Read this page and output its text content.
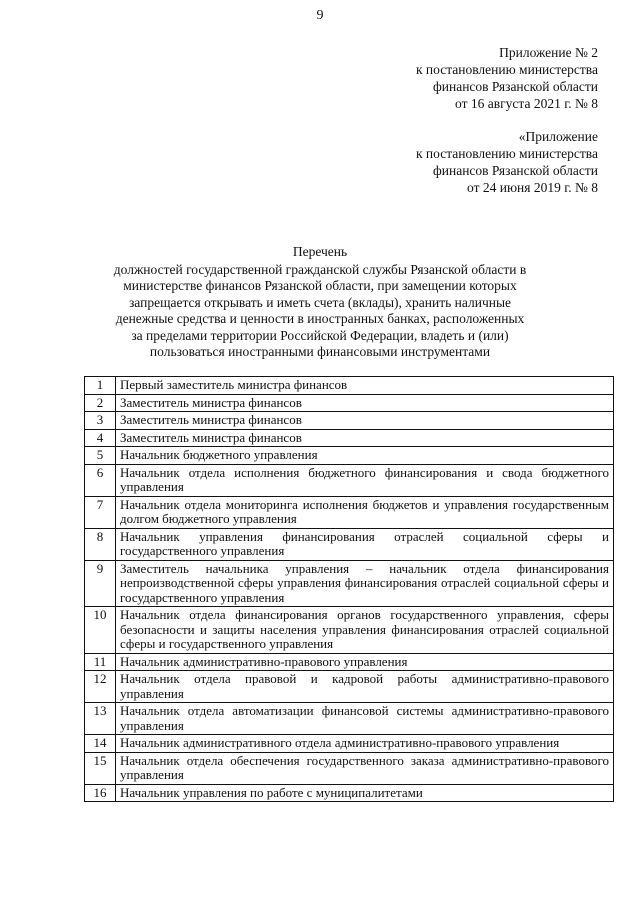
9
Приложение № 2
к постановлению министерства
финансов Рязанской области
от 16 августа 2021 г. № 8
«Приложение
к постановлению министерства
финансов Рязанской области
от 24 июня 2019 г. № 8
Перечень
должностей государственной гражданской службы Рязанской области в министерстве финансов Рязанской области, при замещении которых запрещается открывать и иметь счета (вклады), хранить наличные денежные средства и ценности в иностранных банках, расположенных за пределами территории Российской Федерации, владеть и (или) пользоваться иностранными финансовыми инструментами
1	Первый заместитель министра финансов
2	Заместитель министра финансов
3	Заместитель министра финансов
4	Заместитель министра финансов
5	Начальник бюджетного управления
6	Начальник отдела исполнения бюджетного финансирования и свода бюджетного управления
7	Начальник отдела мониторинга исполнения бюджетов и управления государственным долгом бюджетного управления
8	Начальник управления финансирования отраслей социальной сферы и государственного управления
9	Заместитель начальника управления – начальник отдела финансирования непроизводственной сферы управления финансирования отраслей социальной сферы и государственного управления
10	Начальник отдела финансирования органов государственного управления, сферы безопасности и защиты населения управления финансирования отраслей социальной сферы и государственного управления
11	Начальник административно-правового управления
12	Начальник отдела правовой и кадровой работы административно-правового управления
13	Начальник отдела автоматизации финансовой системы административно-правового управления
14	Начальник административного отдела административно-правового управления
15	Начальник отдела обеспечения государственного заказа административно-правового управления
16	Начальник управления по работе с муниципалитетами
